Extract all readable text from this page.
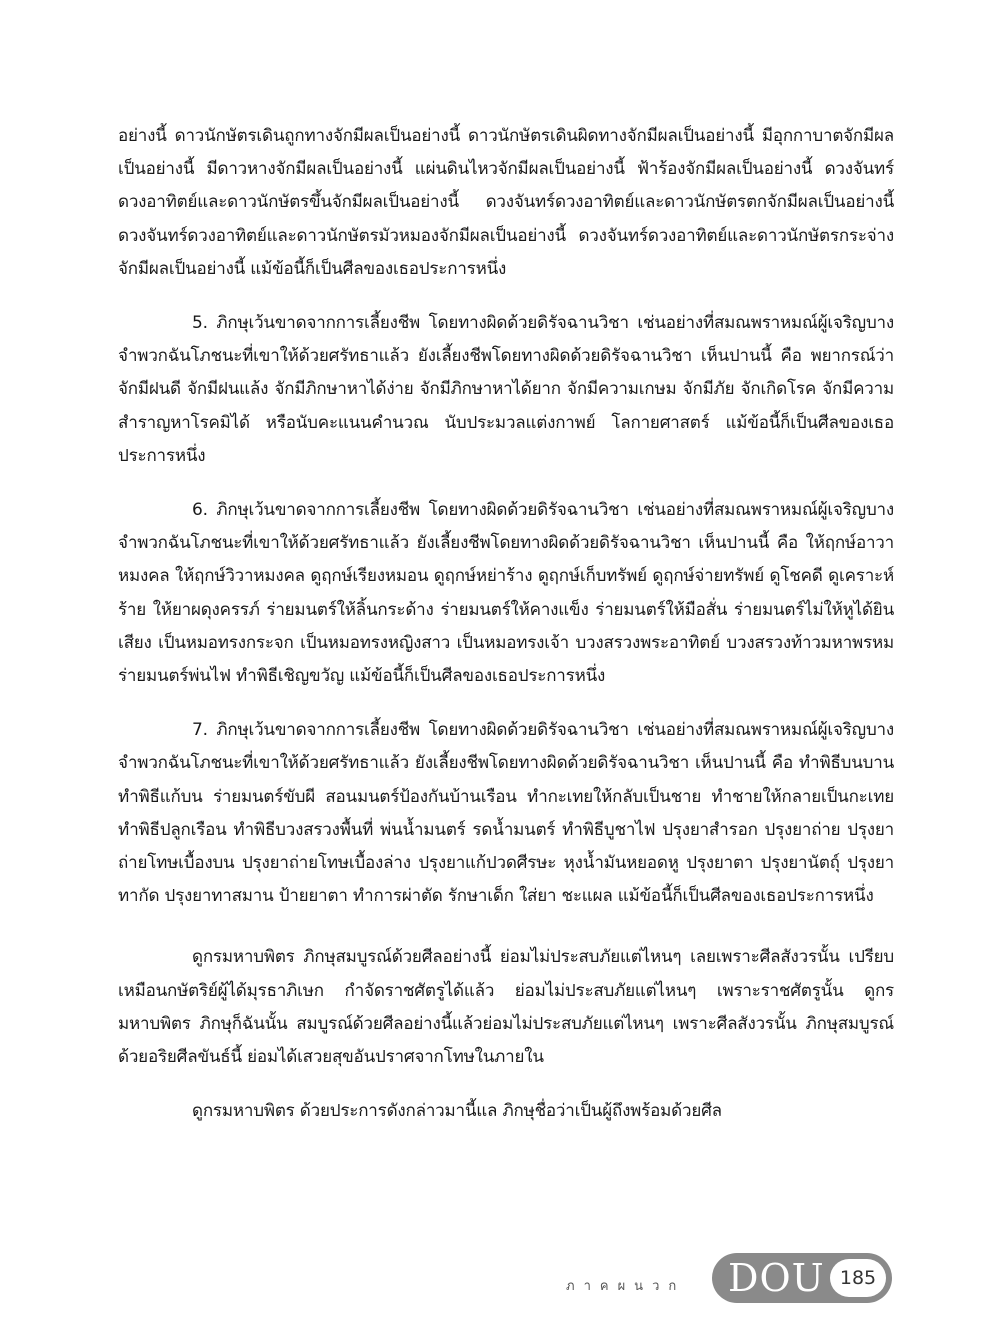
อย่างนี้ ดาวนักษัตรเดินถูกทางจักมีผลเป็นอย่างนี้ ดาวนักษัตรเดินผิดทางจักมีผลเป็นอย่างนี้ มีอุกกาบาตจักมีผลเป็นอย่างนี้ มีดาวหางจักมีผลเป็นอย่างนี้ แผ่นดินไหวจักมีผลเป็นอย่างนี้ ฟ้าร้องจักมีผลเป็นอย่างนี้ ดวงจันทร์ดวงอาทิตย์และดาวนักษัตรขึ้นจักมีผลเป็นอย่างนี้ ดวงจันทร์ดวงอาทิตย์และดาวนักษัตรตกจักมีผลเป็นอย่างนี้ ดวงจันทร์ดวงอาทิตย์และดาวนักษัตรมัวหมองจักมีผลเป็นอย่างนี้ ดวงจันทร์ดวงอาทิตย์และดาวนักษัตรกระจ่างจักมีผลเป็นอย่างนี้ แม้ข้อนี้ก็เป็นศีลของเธอประการหนึ่ง

5. ภิกษุเว้นขาดจากการเลี้ยงชีพ โดยทางผิดด้วยดิรัจฉานวิชา เช่นอย่างที่สมณพราหมณ์ผู้เจริญบางจำพวกฉันโภชนะที่เขาให้ด้วยศรัทธาแล้ว ยังเลี้ยงชีพโดยทางผิดด้วยดิรัจฉานวิชา เห็นปานนี้ คือ พยากรณ์ว่า จักมีฝนดี จักมีฝนแล้ง จักมีภิกษาหาได้ง่าย จักมีภิกษาหาได้ยาก จักมีความเกษม จักมีภัย จักเกิดโรค จักมีความสำราญหาโรคมิได้ หรือนับคะแนนคำนวณ นับประมวลแต่งกาพย์ โลกายศาสตร์ แม้ข้อนี้ก็เป็นศีลของเธอประการหนึ่ง

6. ภิกษุเว้นขาดจากการเลี้ยงชีพ โดยทางผิดด้วยดิรัจฉานวิชา เช่นอย่างที่สมณพราหมณ์ผู้เจริญบางจำพวกฉันโภชนะที่เขาให้ด้วยศรัทธาแล้ว ยังเลี้ยงชีพโดยทางผิดด้วยดิรัจฉานวิชา เห็นปานนี้ คือ ให้ฤกษ์อาวาหมงคล ให้ฤกษ์วิวาหมงคล ดูฤกษ์เรียงหมอน ดูฤกษ์หย่าร้าง ดูฤกษ์เก็บทรัพย์ ดูฤกษ์จ่ายทรัพย์ ดูโชคดี ดูเคราะห์ร้าย ให้ยาผดุงครรภ์ ร่ายมนตร์ให้ลิ้นกระด้าง ร่ายมนตร์ให้คางแข็ง ร่ายมนตร์ให้มือสั่น ร่ายมนตร์ไม่ให้หูได้ยินเสียง เป็นหมอทรงกระจก เป็นหมอทรงหญิงสาว เป็นหมอทรงเจ้า บวงสรวงพระอาทิตย์ บวงสรวงท้าวมหาพรหม ร่ายมนตร์พ่นไฟ ทำพิธีเชิญขวัญ แม้ข้อนี้ก็เป็นศีลของเธอประการหนึ่ง

7. ภิกษุเว้นขาดจากการเลี้ยงชีพ โดยทางผิดด้วยดิรัจฉานวิชา เช่นอย่างที่สมณพราหมณ์ผู้เจริญบางจำพวกฉันโภชนะที่เขาให้ด้วยศรัทธาแล้ว ยังเลี้ยงชีพโดยทางผิดด้วยดิรัจฉานวิชา เห็นปานนี้ คือ ทำพิธีบนบาน ทำพิธีแก้บน ร่ายมนตร์ขับผี สอนมนตร์ป้องกันบ้านเรือน ทำกะเทยให้กลับเป็นชาย ทำชายให้กลายเป็นกะเทย ทำพิธีปลูกเรือน ทำพิธีบวงสรวงพื้นที่ พ่นน้ำมนตร์ รดน้ำมนตร์ ทำพิธีบูชาไฟ ปรุงยาสำรอก ปรุงยาถ่าย ปรุงยาถ่ายโทษเบื้องบน ปรุงยาถ่ายโทษเบื้องล่าง ปรุงยาแก้ปวดศีรษะ หุงน้ำมันหยอดหู ปรุงยาตา ปรุงยานัตถุ์ ปรุงยาทากัด ปรุงยาทาสมาน ป้ายยาตา ทำการผ่าตัด รักษาเด็ก ใส่ยา ชะแผล แม้ข้อนี้ก็เป็นศีลของเธอประการหนึ่ง

ดูกรมหาบพิตร ภิกษุสมบูรณ์ด้วยศีลอย่างนี้ ย่อมไม่ประสบภัยแต่ไหนๆ เลยเพราะศีลสังวรนั้น เปรียบเหมือนกษัตริย์ผู้ได้มุรธาภิเษก กำจัดราชศัตรูได้แล้ว ย่อมไม่ประสบภัยแต่ไหนๆ เพราะราชศัตรูนั้น ดูกรมหาบพิตร ภิกษุก็ฉันนั้น สมบูรณ์ด้วยศีลอย่างนี้แล้วย่อมไม่ประสบภัยแต่ไหนๆ เพราะศีลสังวรนั้น ภิกษุสมบูรณ์ด้วยอริยศีลขันธ์นี้ ย่อมได้เสวยสุขอันปราศจากโทษในภายใน

ดูกรมหาบพิตร ด้วยประการดังกล่าวมานี้แล ภิกษุชื่อว่าเป็นผู้ถึงพร้อมด้วยศีล

ภาคผนวก DOU 185
